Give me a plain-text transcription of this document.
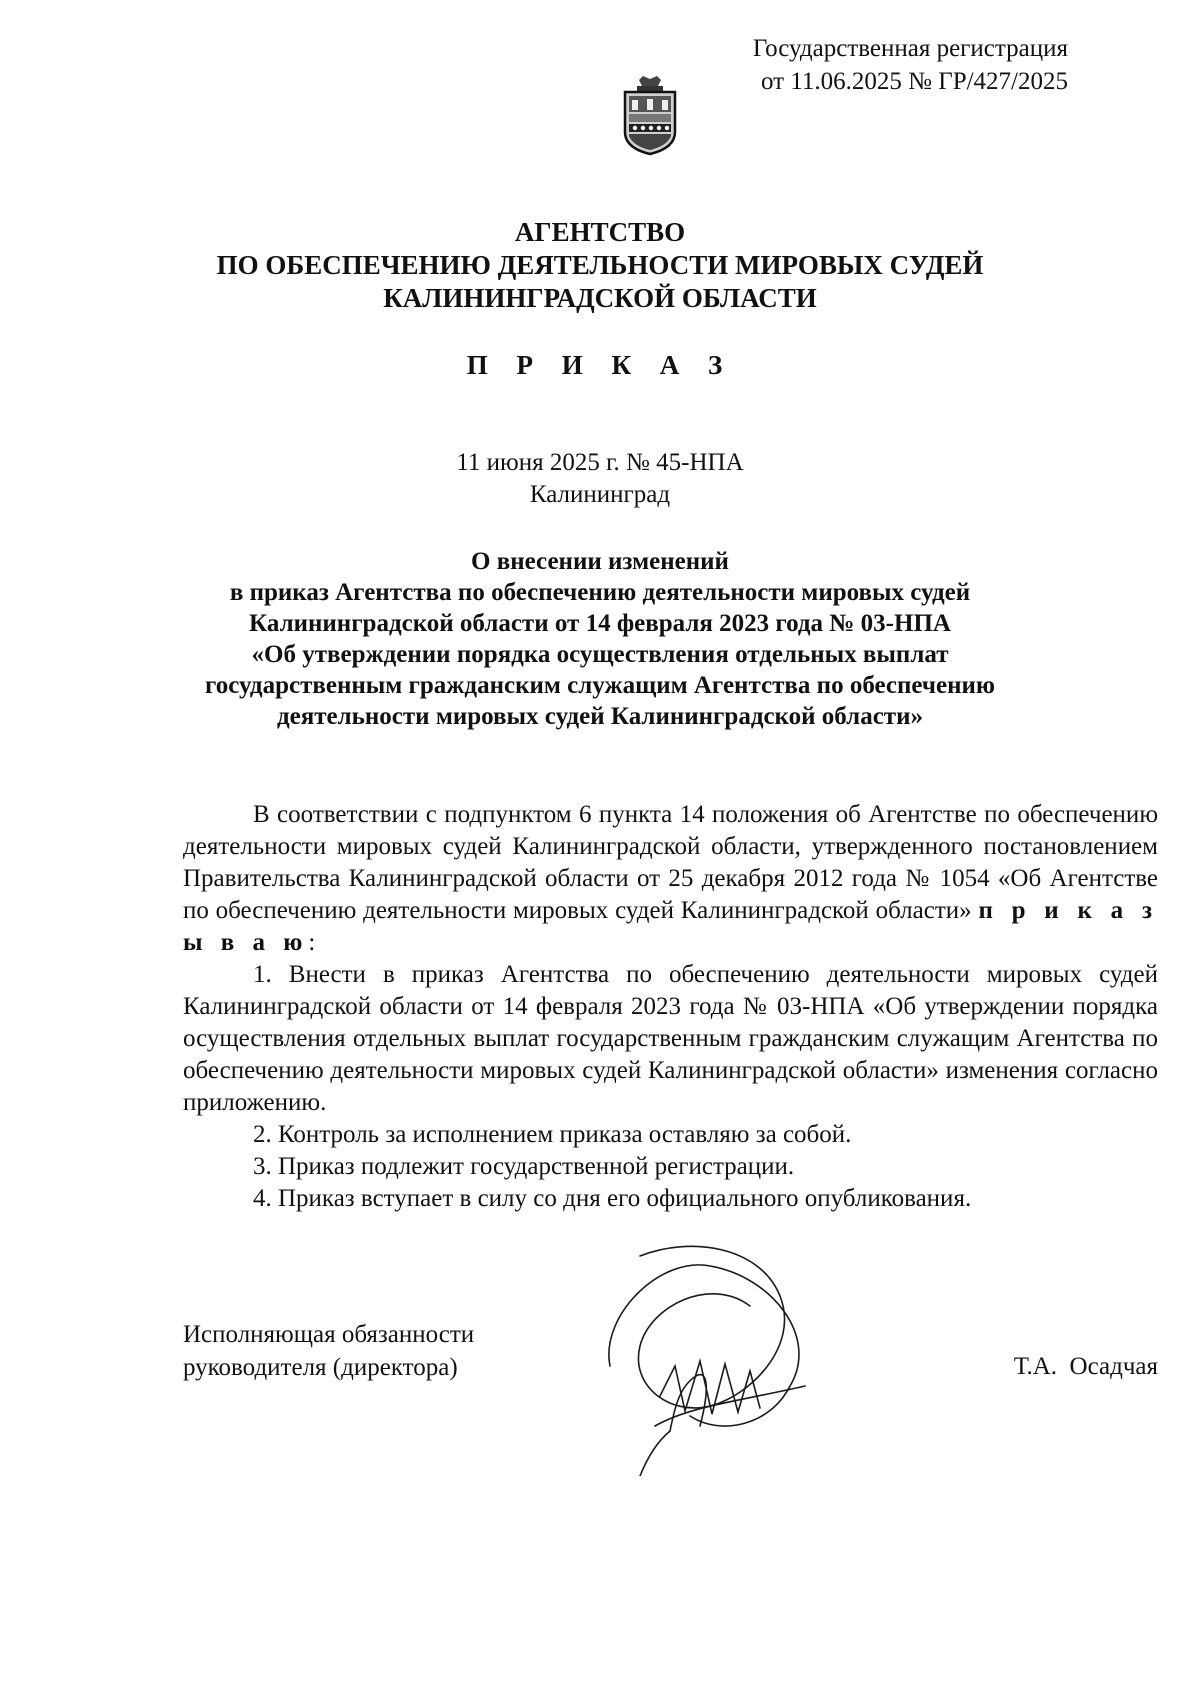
Государственная регистрация
от 11.06.2025 № ГР/427/2025
АГЕНТСТВО
ПО ОБЕСПЕЧЕНИЮ ДЕЯТЕЛЬНОСТИ МИРОВЫХ СУДЕЙ
КАЛИНИНГРАДСКОЙ ОБЛАСТИ
П Р И К А З
11 июня 2025 г. № 45-НПА
Калининград
О внесении изменений
в приказ Агентства по обеспечению деятельности мировых судей
Калининградской области от 14 февраля 2023 года № 03-НПА
«Об утверждении порядка осуществления отдельных выплат
государственным гражданским служащим Агентства по обеспечению
деятельности мировых судей Калининградской области»

В соответствии с подпунктом 6 пункта 14 положения об Агентстве по обеспечению деятельности мировых судей Калининградской области, утвержденного постановлением Правительства Калининградской области от 25 декабря 2012 года № 1054 «Об Агентстве по обеспечению деятельности мировых судей Калининградской области» п р и к а з ы в а ю:

1. Внести в приказ Агентства по обеспечению деятельности мировых судей Калининградской области от 14 февраля 2023 года № 03-НПА «Об утверждении порядка осуществления отдельных выплат государственным гражданским служащим Агентства по обеспечению деятельности мировых судей Калининградской области» изменения согласно приложению.

2. Контроль за исполнением приказа оставляю за собой.

3. Приказ подлежит государственной регистрации.

4. Приказ вступает в силу со дня его официального опубликования.

Исполняющая обязанности
руководителя (директора)	Т.А.  Осадчая
